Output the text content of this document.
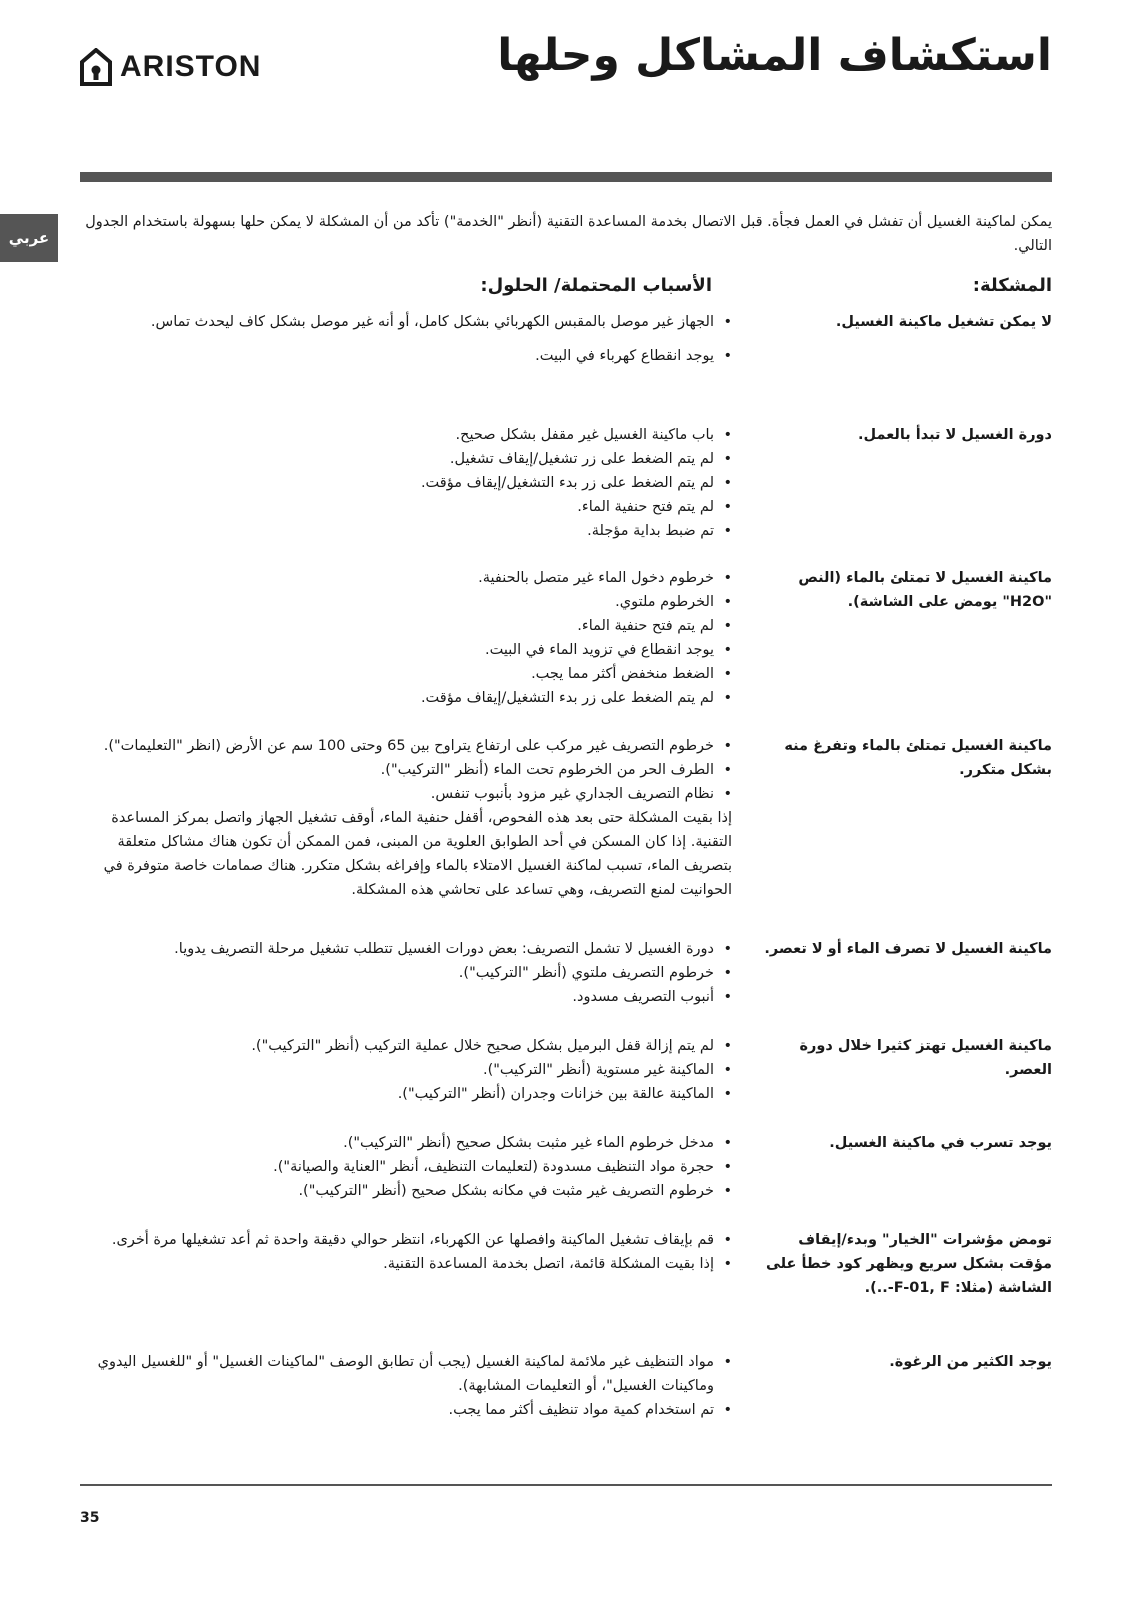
ARISTON	استكشاف المشاكل وحلها
عربي

يمكن لماكينة الغسيل أن تفشل في العمل فجأة. قبل الاتصال بخدمة المساعدة التقنية (أنظر "الخدمة") تأكد من أن المشكلة لا يمكن حلها بسهولة باستخدام الجدول التالي.

المشكلة:
الأسباب المحتملة/ الحلول:

لا يمكن تشغيل ماكينة الغسيل.

• الجهاز غير موصل بالمقبس الكهربائي بشكل كامل، أو أنه غير موصل بشكل كاف ليحدث تماس.
• يوجد انقطاع كهرباء في البيت.

دورة الغسيل لا تبدأ بالعمل.

• باب ماكينة الغسيل غير مقفل بشكل صحيح.
• لم يتم الضغط على زر تشغيل/إيقاف تشغيل.
• لم يتم الضغط على زر بدء التشغيل/إيقاف مؤقت.
• لم يتم فتح حنفية الماء.
• تم ضبط بداية مؤجلة.

ماكينة الغسيل لا تمتلئ بالماء (النص "H2O" يومض على الشاشة).

• خرطوم دخول الماء غير متصل بالحنفية.
• الخرطوم ملتوي.
• لم يتم فتح حنفية الماء.
• يوجد انقطاع في تزويد الماء في البيت.
• الضغط منخفض أكثر مما يجب.
• لم يتم الضغط على زر بدء التشغيل/إيقاف مؤقت.

ماكينة الغسيل تمتلئ بالماء وتفرغ منه بشكل متكرر.

• خرطوم التصريف غير مركب على ارتفاع يتراوح بين 65 وحتى 100 سم عن الأرض (انظر "التعليمات").
• الطرف الحر من الخرطوم تحت الماء (أنظر "التركيب").
• نظام التصريف الجداري غير مزود بأنبوب تنفس.
إذا بقيت المشكلة حتى بعد هذه الفحوص، أقفل حنفية الماء، أوقف تشغيل الجهاز واتصل بمركز المساعدة التقنية. إذا كان المسكن في أحد الطوابق العلوية من المبنى، فمن الممكن أن تكون هناك مشاكل متعلقة بتصريف الماء، تسبب لماكنة الغسيل الامتلاء بالماء وإفراغه بشكل متكرر. هناك صمامات خاصة متوفرة في الحوانيت لمنع التصريف، وهي تساعد على تحاشي هذه المشكلة.

ماكينة الغسيل لا تصرف الماء أو لا تعصر.

• دورة الغسيل لا تشمل التصريف: بعض دورات الغسيل تتطلب تشغيل مرحلة التصريف يدويا.
• خرطوم التصريف ملتوي (أنظر "التركيب").
• أنبوب التصريف مسدود.

ماكينة الغسيل تهتز كثيرا خلال دورة العصر.

• لم يتم إزالة قفل البرميل بشكل صحيح خلال عملية التركيب (أنظر "التركيب").
• الماكينة غير مستوية (أنظر "التركيب").
• الماكينة عالقة بين خزانات وجدران (أنظر "التركيب").

يوجد تسرب في ماكينة الغسيل.

• مدخل خرطوم الماء غير مثبت بشكل صحيح (أنظر "التركيب").
• حجرة مواد التنظيف مسدودة (لتعليمات التنظيف، أنظر "العناية والصيانة").
• خرطوم التصريف غير مثبت في مكانه بشكل صحيح (أنظر "التركيب").

تومض مؤشرات "الخيار" وبدء/إيقاف مؤقت بشكل سريع ويظهر كود خطأ على الشاشة (مثلا: F-01, F-..).

• قم بإيقاف تشغيل الماكينة وافصلها عن الكهرباء، انتظر حوالي دقيقة واحدة ثم أعد تشغيلها مرة أخرى.
• إذا بقيت المشكلة قائمة، اتصل بخدمة المساعدة التقنية.

يوجد الكثير من الرغوة.

• مواد التنظيف غير ملائمة لماكينة الغسيل (يجب أن تطابق الوصف "لماكينات الغسيل" أو "للغسيل اليدوي وماكينات الغسيل"، أو التعليمات المشابهة).
• تم استخدام كمية مواد تنظيف أكثر مما يجب.
35
